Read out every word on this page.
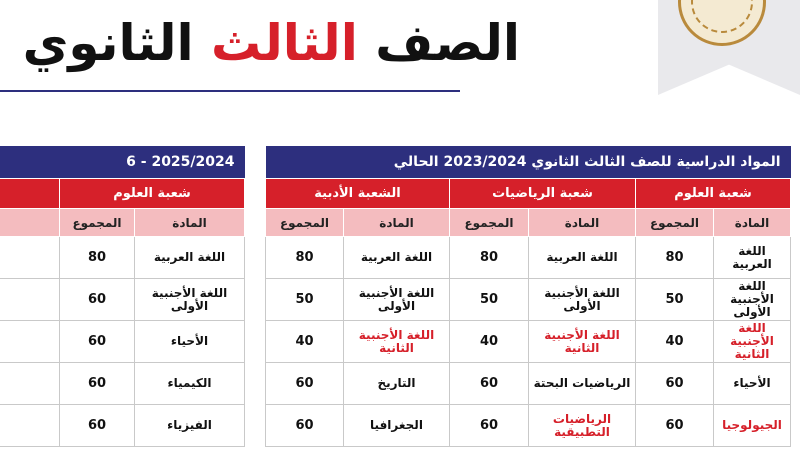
الصف الثالث الثانوي
المواد الدراسية للصف الثالث الثانوي 2023/2024 الحالي					
شعبة العلوم		شعبة الرياضيات		الشعبة الأدبية	
المادة	المجموع	المادة	المجموع	المادة	المجموع
اللغة العربية	80	اللغة العربية	80	اللغة العربية	80
اللغة الأجنبية الأولى	50	اللغة الأجنبية الأولى	50	اللغة الأجنبية الأولى	50
اللغة الأجنبية الثانية	40	اللغة الأجنبية الثانية	40	اللغة الأجنبية الثانية	40
الأحياء	60	الرياضيات البحتة	60	التاريخ	60
الجيولوجيا	60	الرياضيات التطبيقية	60	الجغرافيا	60
2025/2024 - 6		
شعبة العلوم	
المادة	المجموع	
اللغة العربية	80	
اللغة الأجنبية الأولى	60	
الأحياء	60	
الكيمياء	60	
الفيزياء	60	
